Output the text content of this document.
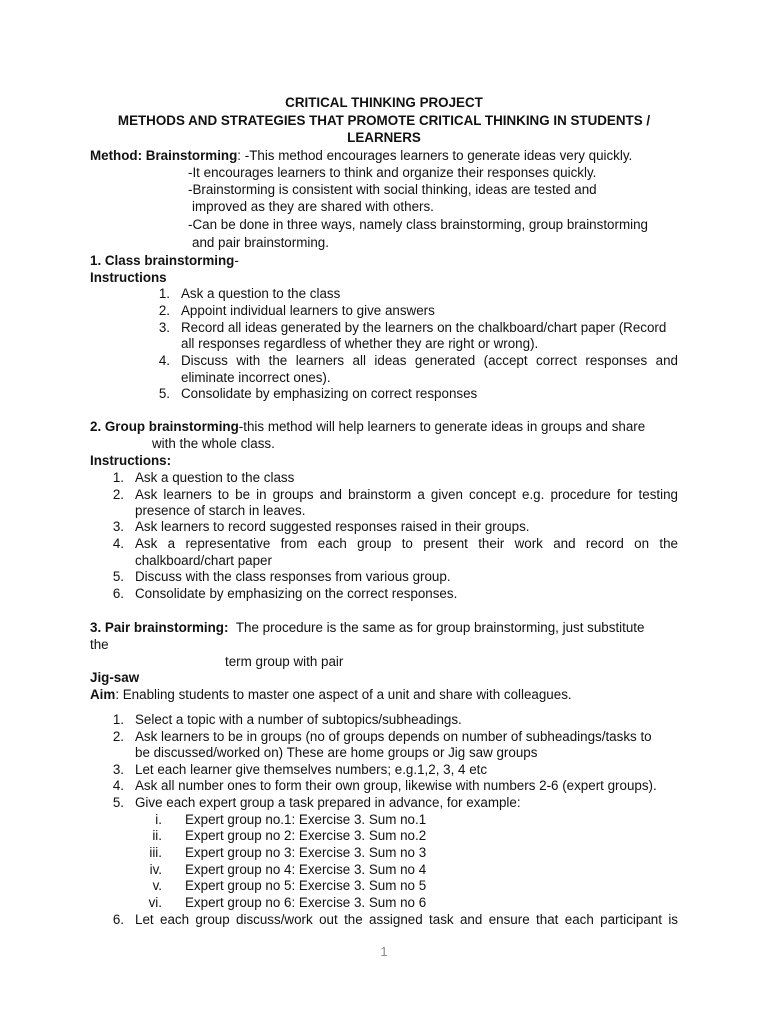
CRITICAL THINKING PROJECT
METHODS AND STRATEGIES THAT PROMOTE CRITICAL THINKING IN STUDENTS /
LEARNERS
Method: Brainstorming: -This method encourages learners to generate ideas very quickly.
-It encourages learners to think and organize their responses quickly.
-Brainstorming is consistent with social thinking, ideas are tested and
improved as they are shared with others.
-Can be done in three ways, namely class brainstorming, group brainstorming
and pair brainstorming.
1. Class brainstorming-
Instructions
1. Ask a question to the class
2. Appoint individual learners to give answers
3. Record all ideas generated by the learners on the chalkboard/chart paper (Record
all responses regardless of whether they are right or wrong).
4. Discuss with the learners all ideas generated (accept correct responses and
eliminate incorrect ones).
5. Consolidate by emphasizing on correct responses
2. Group brainstorming-this method will help learners to generate ideas in groups and share
with the whole class.
Instructions:
1. Ask a question to the class
2. Ask learners to be in groups and brainstorm a given concept e.g. procedure for testing
presence of starch in leaves.
3. Ask learners to record suggested responses raised in their groups.
4. Ask a representative from each group to present their work and record on the
chalkboard/chart paper
5. Discuss with the class responses from various group.
6. Consolidate by emphasizing on the correct responses.
3. Pair brainstorming: The procedure is the same as for group brainstorming, just substitute
the
term group with pair
Jig-saw
Aim: Enabling students to master one aspect of a unit and share with colleagues.
1. Select a topic with a number of subtopics/subheadings.
2. Ask learners to be in groups (no of groups depends on number of subheadings/tasks to
be discussed/worked on) These are home groups or Jig saw groups
3. Let each learner give themselves numbers; e.g.1,2, 3, 4 etc
4. Ask all number ones to form their own group, likewise with numbers 2-6 (expert groups).
5. Give each expert group a task prepared in advance, for example:
i. Expert group no.1: Exercise 3. Sum no.1
ii. Expert group no 2: Exercise 3. Sum no.2
iii. Expert group no 3: Exercise 3. Sum no 3
iv. Expert group no 4: Exercise 3. Sum no 4
v. Expert group no 5: Exercise 3. Sum no 5
vi. Expert group no 6: Exercise 3. Sum no 6
6. Let each group discuss/work out the assigned task and ensure that each participant is
1
